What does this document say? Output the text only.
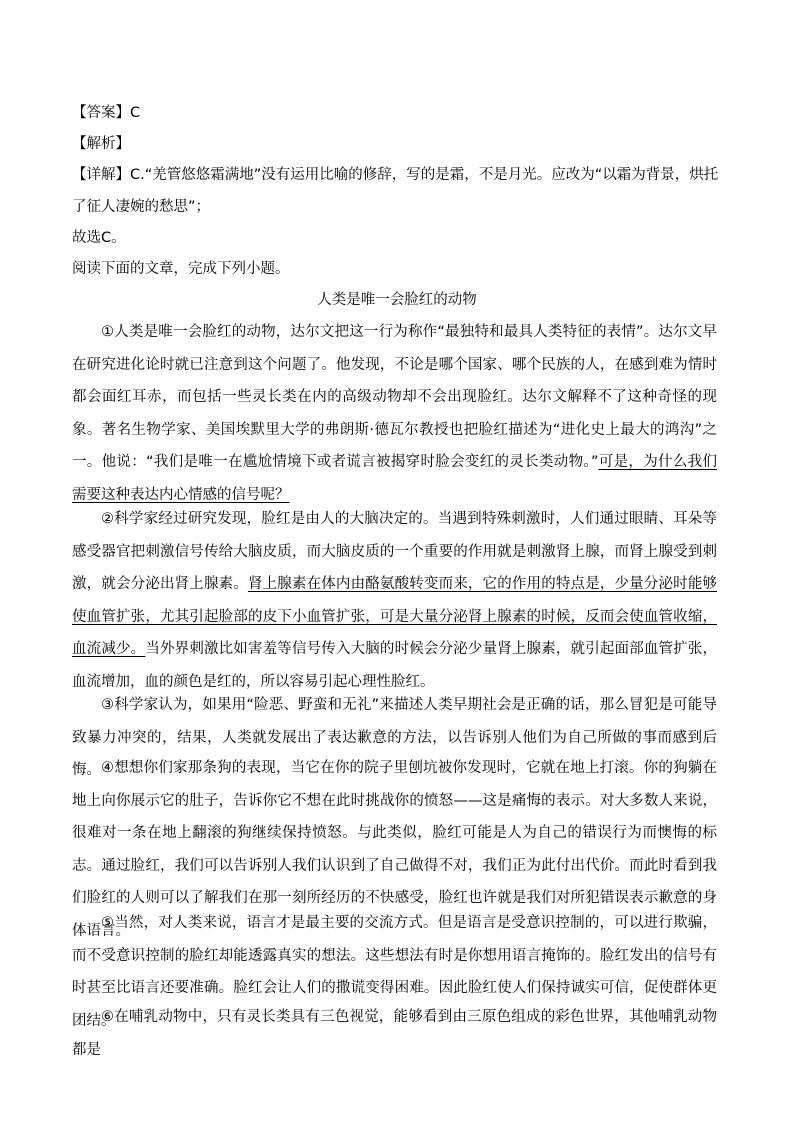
【答案】C
【解析】
【详解】C.“羌管悠悠霜满地”没有运用比喻的修辞，写的是霜，不是月光。应改为“以霜为背景，烘托
了征人凄婉的愁思”；
故选C。
阅读下面的文章，完成下列小题。
人类是唯一会脸红的动物
①人类是唯一会脸红的动物，达尔文把这一行为称作“最独特和最具人类特征的表情”。达尔文早在研究进化论时就已注意到这个问题了。他发现，不论是哪个国家、哪个民族的人，在感到难为情时都会面红耳赤，而包括一些灵长类在内的高级动物却不会出现脸红。达尔文解释不了这种奇怪的现象。著名生物学家、美国埃默里大学的弗朗斯·德瓦尔教授也把脸红描述为“进化史上最大的鸿沟”之一。他说：“我们是唯一在尴尬情境下或者谎言被揭穿时脸会变红的灵长类动物。”可是，为什么我们需要这种表达内心情感的信号呢？
②科学家经过研究发现，脸红是由人的大脑决定的。当遇到特殊刺激时，人们通过眼睛、耳朵等感受器官把刺激信号传给大脑皮质，而大脑皮质的一个重要的作用就是刺激肾上腺，而肾上腺受到刺激，就会分泌出肾上腺素。肾上腺素在体内由酪氨酸转变而来，它的作用的特点是，少量分泌时能够使血管扩张，尤其引起脸部的皮下小血管扩张，可是大量分泌肾上腺素的时候，反而会使血管收缩，血流减少。当外界刺激比如害羞等信号传入大脑的时候会分泌少量肾上腺素，就引起面部血管扩张，血流增加，血的颜色是红的，所以容易引起心理性脸红。
③科学家认为，如果用“险恶、野蛮和无礼”来描述人类早期社会是正确的话，那么冒犯是可能导致暴力冲突的，结果，人类就发展出了表达歉意的方法，以告诉别人他们为自己所做的事而感到后悔。 ④想想你们家那条狗的表现，当它在你的院子里刨坑被你发现时，它就在地上打滚。你的狗躺在地上向你展示它的肚子，告诉你它不想在此时挑战你的愤怒——这是痛悔的表示。对大多数人来说，很难对一条在地上翻滚的狗继续保持愤怒。与此类似，脸红可能是人为自己的错误行为而懊悔的标志。通过脸红，我们可以告诉别人我们认识到了自己做得不对，我们正为此付出代价。而此时看到我们脸红的人则可以了解我们在那一刻所经历的不快感受，脸红也许就是我们对所犯错误表示歉意的身体语言。
⑤当然，对人类来说，语言才是最主要的交流方式。但是语言是受意识控制的，可以进行欺骗，而不受意识控制的脸红却能透露真实的想法。这些想法有时是你想用语言掩饰的。脸红发出的信号有时甚至比语言还要准确。脸红会让人们的撒谎变得困难。因此脸红使人们保持诚实可信，促使群体更团结。
⑥在哺乳动物中，只有灵长类具有三色视觉，能够看到由三原色组成的彩色世界，其他哺乳动物都是
